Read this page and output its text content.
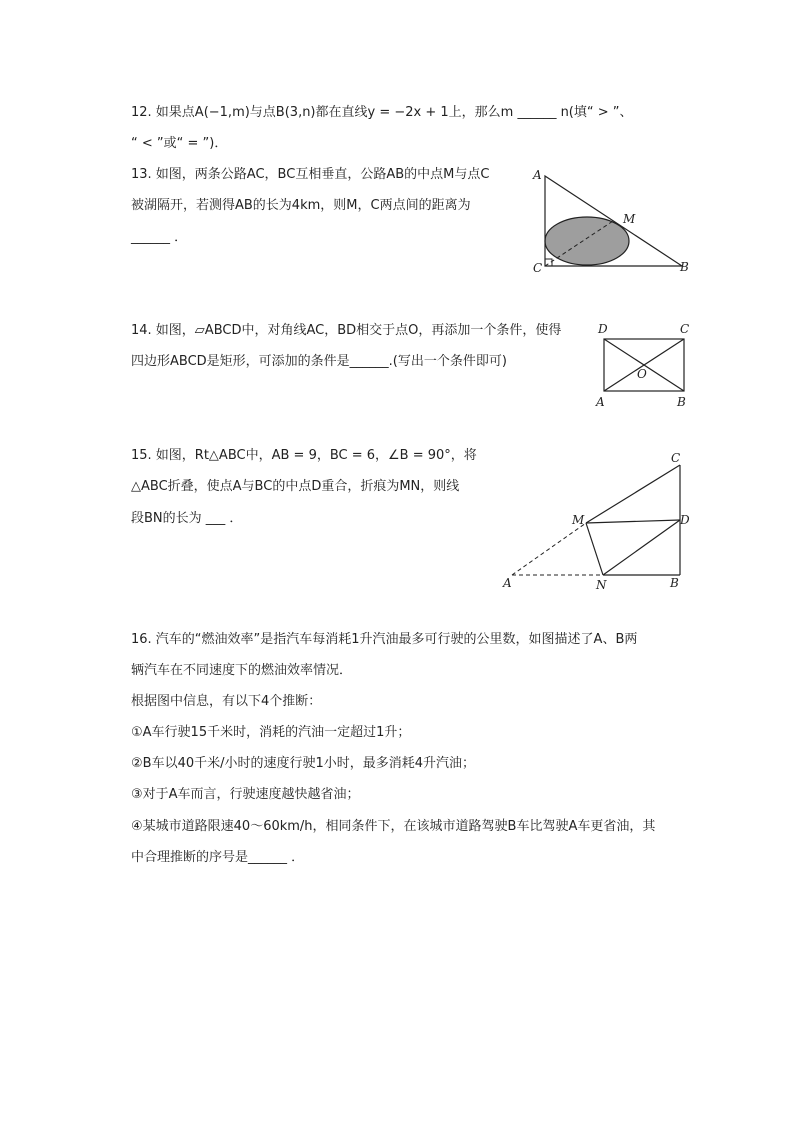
12. 如果点A(−1,m)与点B(3,n)都在直线y = −2x + 1上，那么m ______ n(填“ > ”、
“ < ”或“ = ”)．
13. 如图，两条公路AC，BC互相垂直，公路AB的中点M与点C
被湖隔开，若测得AB的长为4km，则M，C两点间的距离为
______ ．
14. 如图，▱ABCD中，对角线AC，BD相交于点O，再添加一个条件，使得
四边形ABCD是矩形，可添加的条件是______.(写出一个条件即可)
15. 如图，Rt△ABC中，AB = 9，BC = 6，∠B = 90°，将
△ABC折叠，使点A与BC的中点D重合，折痕为MN，则线
段BN的长为 ___ ．
16. 汽车的“燃油效率”是指汽车每消耗1升汽油最多可行驶的公里数，如图描述了A、B两
辆汽车在不同速度下的燃油效率情况．
根据图中信息，有以下4个推断：
①A车行驶15千米时，消耗的汽油一定超过1升；
②B车以40千米/小时的速度行驶1小时，最多消耗4升汽油；
③对于A车而言，行驶速度越快越省油；
④某城市道路限速40～60km/h，相同条件下，在该城市道路驾驶B车比驾驶A车更省油，其
中合理推断的序号是______ ．
A
M
C	B
D	C
O
A	B
C
M	D
A	N	B
